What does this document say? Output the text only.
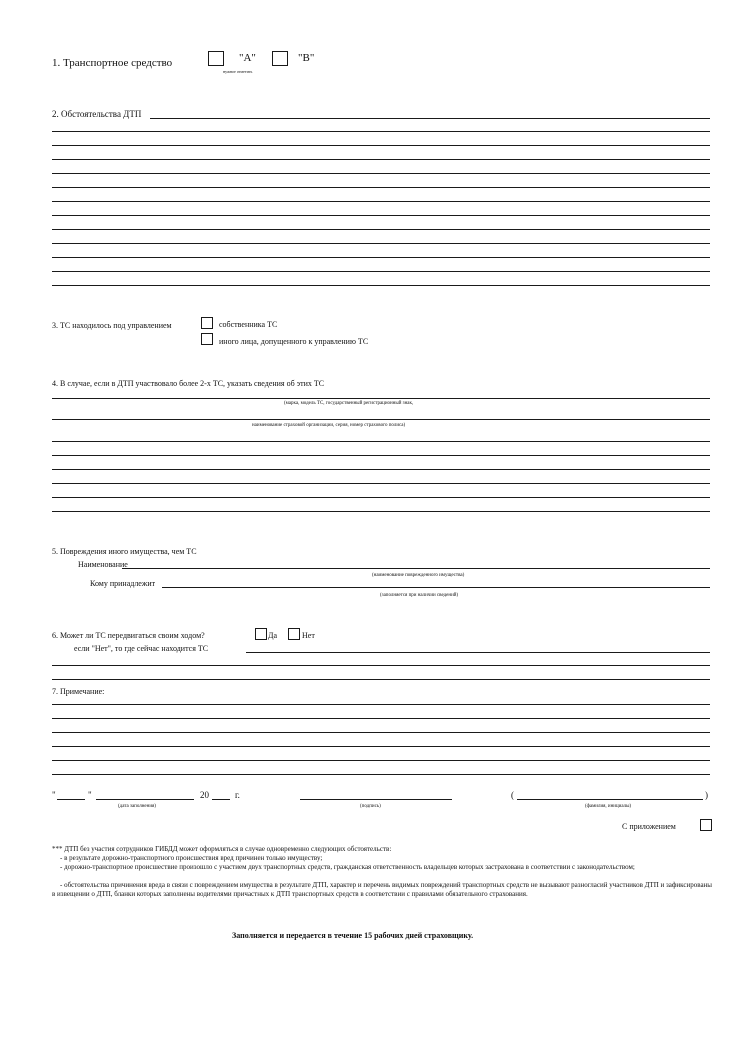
1. Транспортное средство	"А"	"В"
нужное отметить
2. Обстоятельства ДТП
3. ТС находилось под управлением	собственника ТС
иного лица, допущенного к управлению ТС
4. В случае, если в ДТП участвовало более 2-х ТС, указать сведения об этих ТС
(марка, модель ТС, государственный регистрационный знак,
наименование страховой организации, серия, номер страхового полиса)
5. Повреждения иного имущества, чем ТС
Наименование
(наименование поврежденного имущества)
Кому принадлежит
(заполняется при наличии сведений)
6. Может ли ТС передвигаться своим ходом?	Да	Нет
если "Нет", то где сейчас находится ТС
7. Примечание:
"	"	20	г.
(дата заполнения)	(подпись)
(	)
(фамилия, инициалы)
С приложением
*** ДТП без участия сотрудников ГИБДД может оформляться в случае одновременно следующих обстоятельств:
- в результате дорожно-транспортного происшествия вред причинен только имуществу;
- дорожно-транспортное происшествие произошло с участием двух транспортных средств, гражданская ответственность владельцев которых застрахована в соответствии с законодательством;
- обстоятельства причинения вреда в связи с повреждением имущества в результате ДТП, характер и перечень видимых повреждений транспортных средств не вызывают разногласий участников ДТП и зафиксированы в извещении о ДТП, бланки которых заполнены водителями причастных к ДТП транспортных средств в соответствии с правилами обязательного страхования.
Заполняется и передается в течение 15 рабочих дней страховщику.
